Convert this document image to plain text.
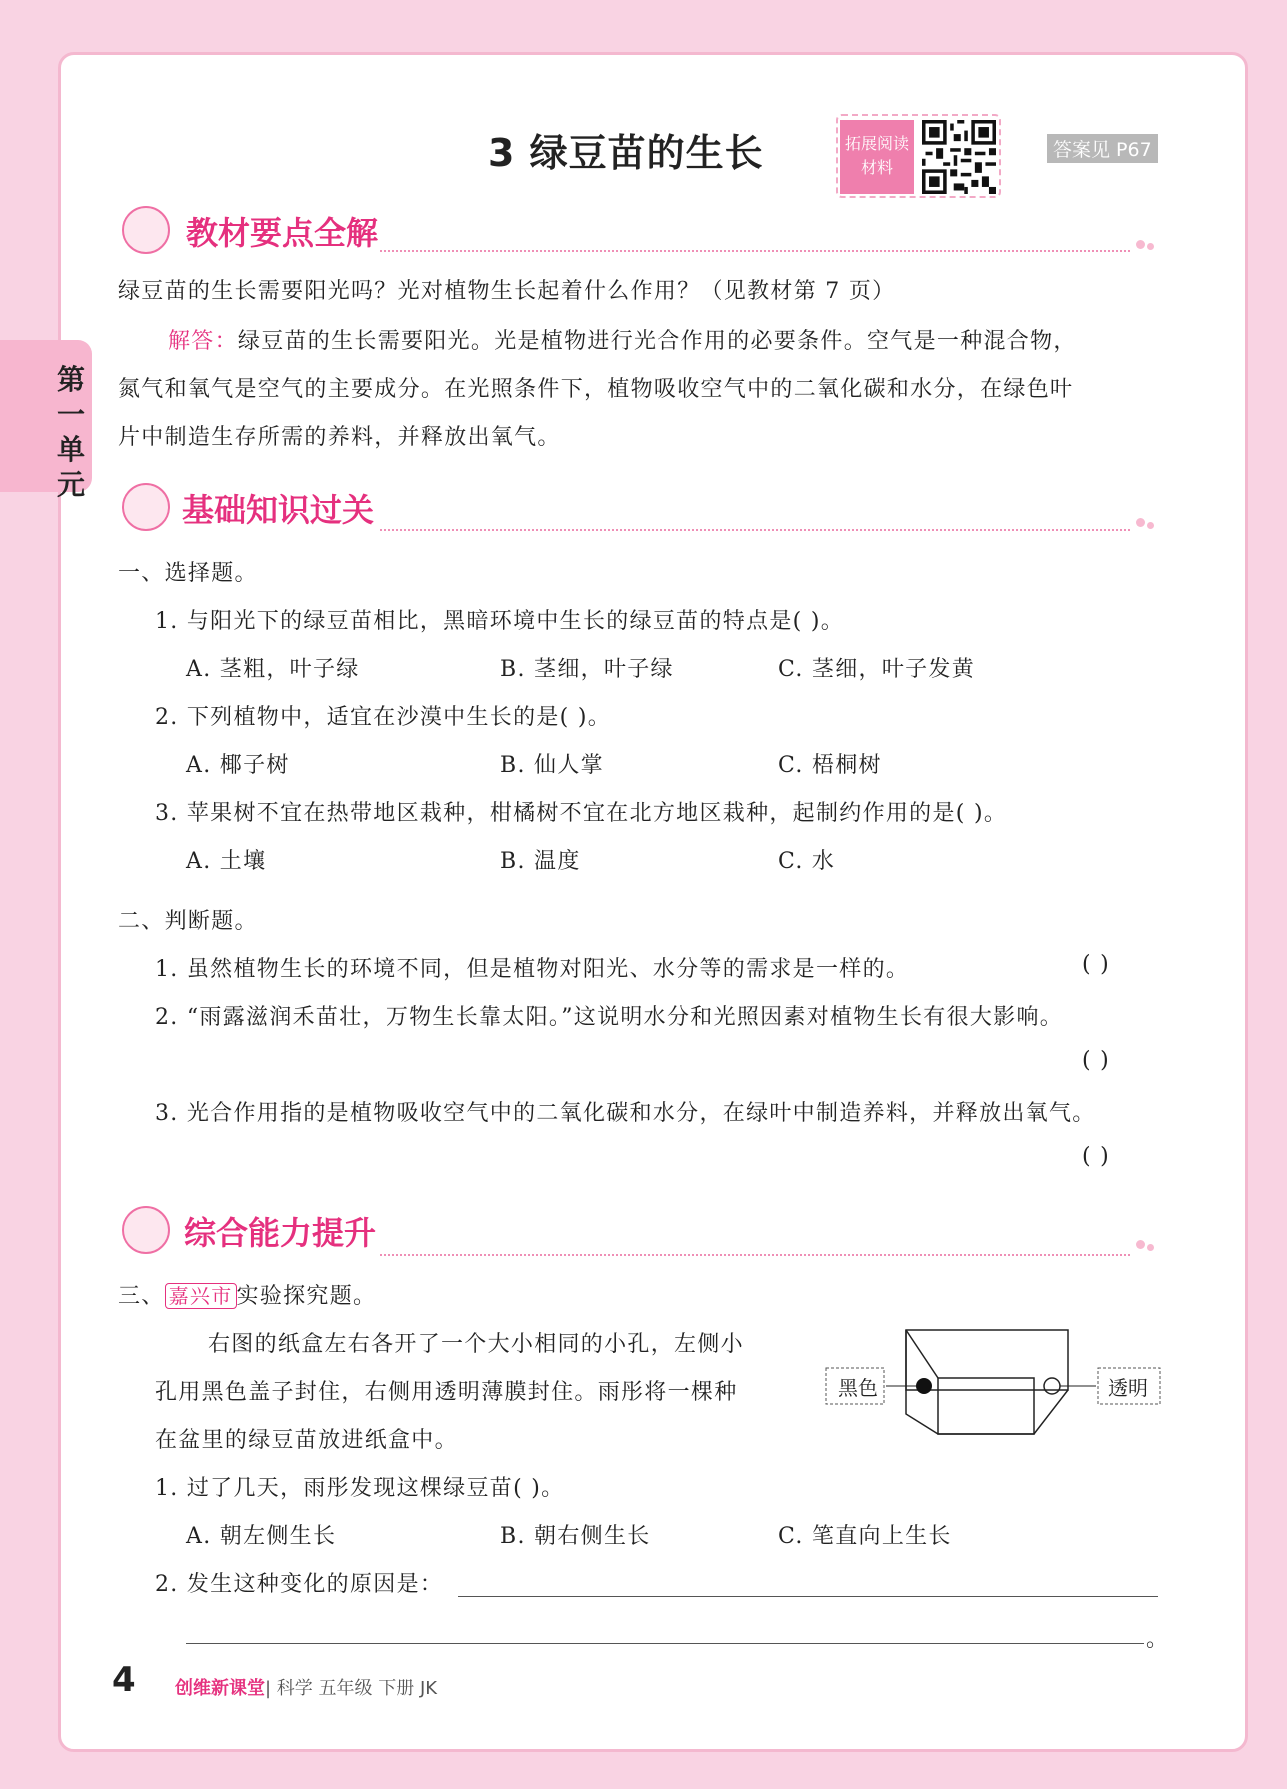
第一单元
3 绿豆苗的生长	拓展阅读材料
答案见 P67
教材要点全解
绿豆苗的生长需要阳光吗？光对植物生长起着什么作用？（见教材第 7 页）
解答：绿豆苗的生长需要阳光。光是植物进行光合作用的必要条件。空气是一种混合物，
氮气和氧气是空气的主要成分。在光照条件下，植物吸收空气中的二氧化碳和水分，在绿色叶
片中制造生存所需的养料，并释放出氧气。
基础知识过关
一、选择题。
1. 与阳光下的绿豆苗相比，黑暗环境中生长的绿豆苗的特点是( )。
A. 茎粗，叶子绿	B. 茎细，叶子绿	C. 茎细，叶子发黄
2. 下列植物中，适宜在沙漠中生长的是( )。
A. 椰子树	B. 仙人掌	C. 梧桐树
3. 苹果树不宜在热带地区栽种，柑橘树不宜在北方地区栽种，起制约作用的是( )。
A. 土壤	B. 温度	C. 水
二、判断题。
1. 虽然植物生长的环境不同，但是植物对阳光、水分等的需求是一样的。	( )
2. “雨露滋润禾苗壮，万物生长靠太阳。”这说明水分和光照因素对植物生长有很大影响。
( )
3. 光合作用指的是植物吸收空气中的二氧化碳和水分，在绿叶中制造养料，并释放出氧气。
( )
综合能力提升
三、 嘉兴市 实验探究题。
右图的纸盒左右各开了一个大小相同的小孔，左侧小
孔用黑色盖子封住，右侧用透明薄膜封住。雨彤将一棵种
在盆里的绿豆苗放进纸盒中。
黑色	透明
1. 过了几天，雨彤发现这棵绿豆苗( )。
A. 朝左侧生长	B. 朝右侧生长	C. 笔直向上生长
2. 发生这种变化的原因是：
。
4 创维新课堂| 科学 五年级 下册 JK
